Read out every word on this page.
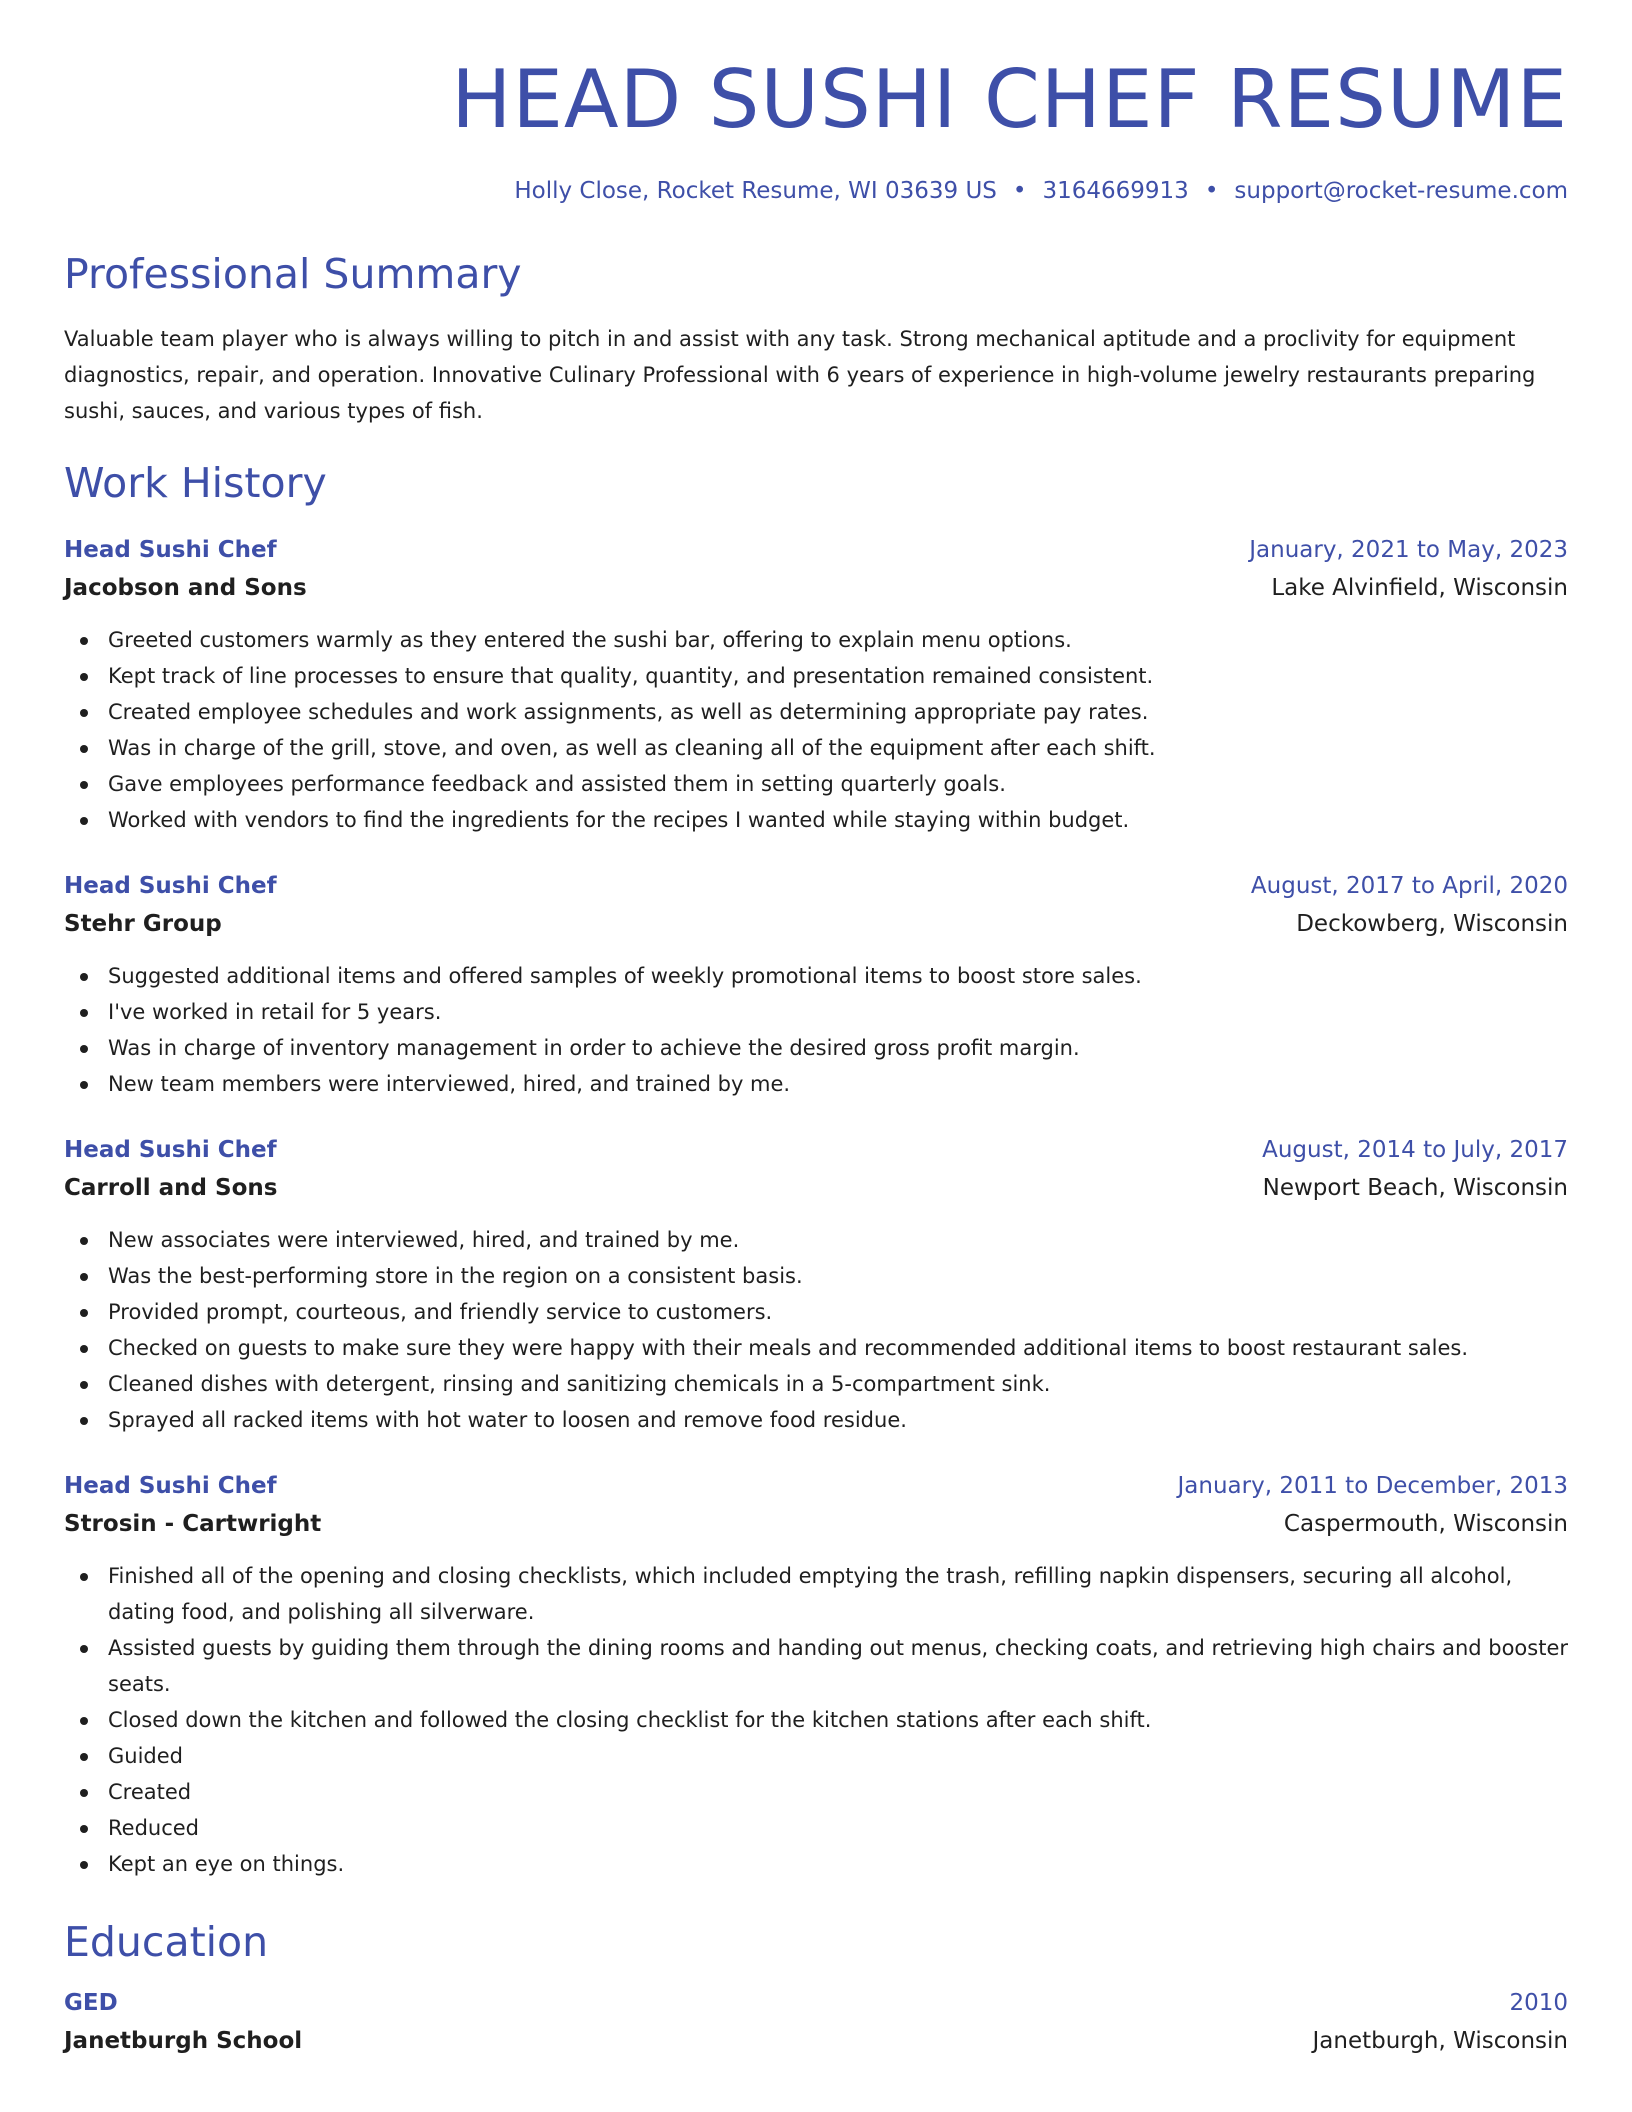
HEAD SUSHI CHEF RESUME
Holly Close, Rocket Resume, WI 03639 US • 3164669913 • support@rocket-resume.com
Professional Summary

Valuable team player who is always willing to pitch in and assist with any task. Strong mechanical aptitude and a proclivity for equipment diagnostics, repair, and operation. Innovative Culinary Professional with 6 years of experience in high-volume jewelry restaurants preparing sushi, sauces, and various types of fish.

Work History
Head Sushi Chef	January, 2021 to May, 2023
Jacobson and Sons	Lake Alvinfield, Wisconsin
Greeted customers warmly as they entered the sushi bar, offering to explain menu options.
Kept track of line processes to ensure that quality, quantity, and presentation remained consistent.
Created employee schedules and work assignments, as well as determining appropriate pay rates.
Was in charge of the grill, stove, and oven, as well as cleaning all of the equipment after each shift.
Gave employees performance feedback and assisted them in setting quarterly goals.
Worked with vendors to find the ingredients for the recipes I wanted while staying within budget.
Head Sushi Chef	August, 2017 to April, 2020
Stehr Group	Deckowberg, Wisconsin
Suggested additional items and offered samples of weekly promotional items to boost store sales.
I've worked in retail for 5 years.
Was in charge of inventory management in order to achieve the desired gross profit margin.
New team members were interviewed, hired, and trained by me.
Head Sushi Chef	August, 2014 to July, 2017
Carroll and Sons	Newport Beach, Wisconsin
New associates were interviewed, hired, and trained by me.
Was the best-performing store in the region on a consistent basis.
Provided prompt, courteous, and friendly service to customers.
Checked on guests to make sure they were happy with their meals and recommended additional items to boost restaurant sales.
Cleaned dishes with detergent, rinsing and sanitizing chemicals in a 5-compartment sink.
Sprayed all racked items with hot water to loosen and remove food residue.
Head Sushi Chef	January, 2011 to December, 2013
Strosin - Cartwright	Caspermouth, Wisconsin
Finished all of the opening and closing checklists, which included emptying the trash, refilling napkin dispensers, securing all alcohol, dating food, and polishing all silverware.
Assisted guests by guiding them through the dining rooms and handing out menus, checking coats, and retrieving high chairs and booster seats.
Closed down the kitchen and followed the closing checklist for the kitchen stations after each shift.
Guided
Created
Reduced
Kept an eye on things.
Education
GED	2010
Janetburgh School	Janetburgh, Wisconsin
